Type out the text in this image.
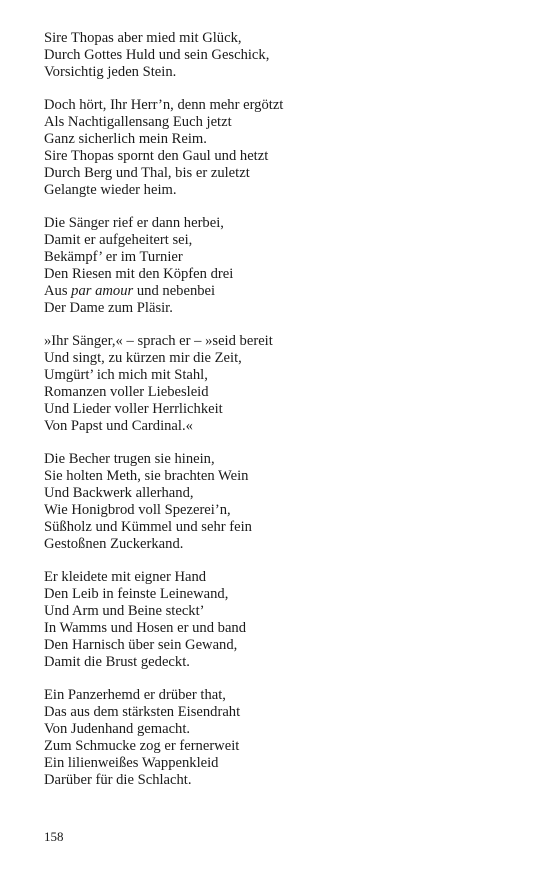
Sire Thopas aber mied mit Glück,
Durch Gottes Huld und sein Geschick,
Vorsichtig jeden Stein.
Doch hört, Ihr Herr’n, denn mehr ergötzt
Als Nachtigallensang Euch jetzt
Ganz sicherlich mein Reim.
Sire Thopas spornt den Gaul und hetzt
Durch Berg und Thal, bis er zuletzt
Gelangte wieder heim.
Die Sänger rief er dann herbei,
Damit er aufgeheitert sei,
Bekämpf’ er im Turnier
Den Riesen mit den Köpfen drei
Aus par amour und nebenbei
Der Dame zum Pläsir.
»Ihr Sänger,« – sprach er – »seid bereit
Und singt, zu kürzen mir die Zeit,
Umgürt’ ich mich mit Stahl,
Romanzen voller Liebesleid
Und Lieder voller Herrlichkeit
Von Papst und Cardinal.«
Die Becher trugen sie hinein,
Sie holten Meth, sie brachten Wein
Und Backwerk allerhand,
Wie Honigbrod voll Spezerei’n,
Süßholz und Kümmel und sehr fein
Gestoßnen Zuckerkand.
Er kleidete mit eigner Hand
Den Leib in feinste Leinewand,
Und Arm und Beine steckt’
In Wamms und Hosen er und band
Den Harnisch über sein Gewand,
Damit die Brust gedeckt.
Ein Panzerhemd er drüber that,
Das aus dem stärksten Eisendraht
Von Judenhand gemacht.
Zum Schmucke zog er fernerweit
Ein lilienweißes Wappenkleid
Darüber für die Schlacht.
158
